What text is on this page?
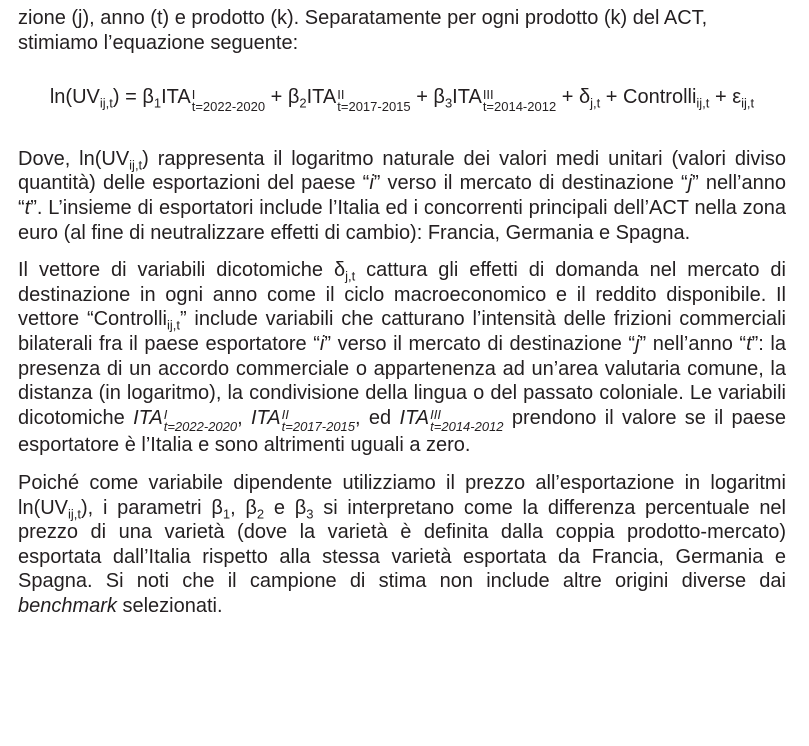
zione (j), anno (t) e prodotto (k). Separatamente per ogni prodotto (k) del ACT,
stimiamo l’equazione seguente:

$\ln(UV_{ij,t}) = \beta_1ITA$ I
$t=2022-2020 + \beta_2ITA$ II
$t=2017-2015 + \beta_3ITA$ III
$t=2014-2012 + \delta_{j,t}$ + Controlli$_{ij,t}$ + $\varepsilon_{ij,t}$

Dove, $\ln(UV_{ij,t})$ rappresenta il logaritmo naturale dei valori medi unitari (valori diviso quantità) delle esportazioni del paese “i” verso il mercato di destinazione “j” nell’anno “t”. L’insieme di esportatori include l’Italia ed i concorrenti principali dell’ACT nella zona euro (al fine di neutralizzare effetti di cambio): Francia, Germania e Spagna.

Il vettore di variabili dicotomiche $\delta_{j,t}$ cattura gli effetti di domanda nel mercato di destinazione in ogni anno come il ciclo macroeconomico e il reddito disponibile. Il vettore “Controlli$_{ij,t}$” include variabili che catturano l’intensità delle frizioni commerciali bilaterali fra il paese esportatore “i” verso il mercato di destinazione “j” nell’anno “t”: la presenza di un accordo commerciale o appartenenza ad un’area valutaria comune, la distanza (in logaritmo), la condivisione della lingua o del passato coloniale. Le variabili dicotomiche ITA I
t=2022-2020 , ITA II
t=2017-2015 , ed ITA III
t=2014-2012 prendono il valore se il paese esportatore è l’Italia e sono altrimenti uguali a zero.

Poiché come variabile dipendente utilizziamo il prezzo all’esportazione in logaritmi $\ln(UV_{ij,t})$, i parametri $\beta_1$, $\beta_2$ e $\beta_3$ si interpretano come la differenza percentuale nel prezzo di una varietà (dove la varietà è definita dalla coppia prodotto-mercato) esportata dall’Italia rispetto alla stessa varietà esportata da Francia, Germania e Spagna. Si noti che il campione di stima non include altre origini diverse dai benchmark selezionati.
